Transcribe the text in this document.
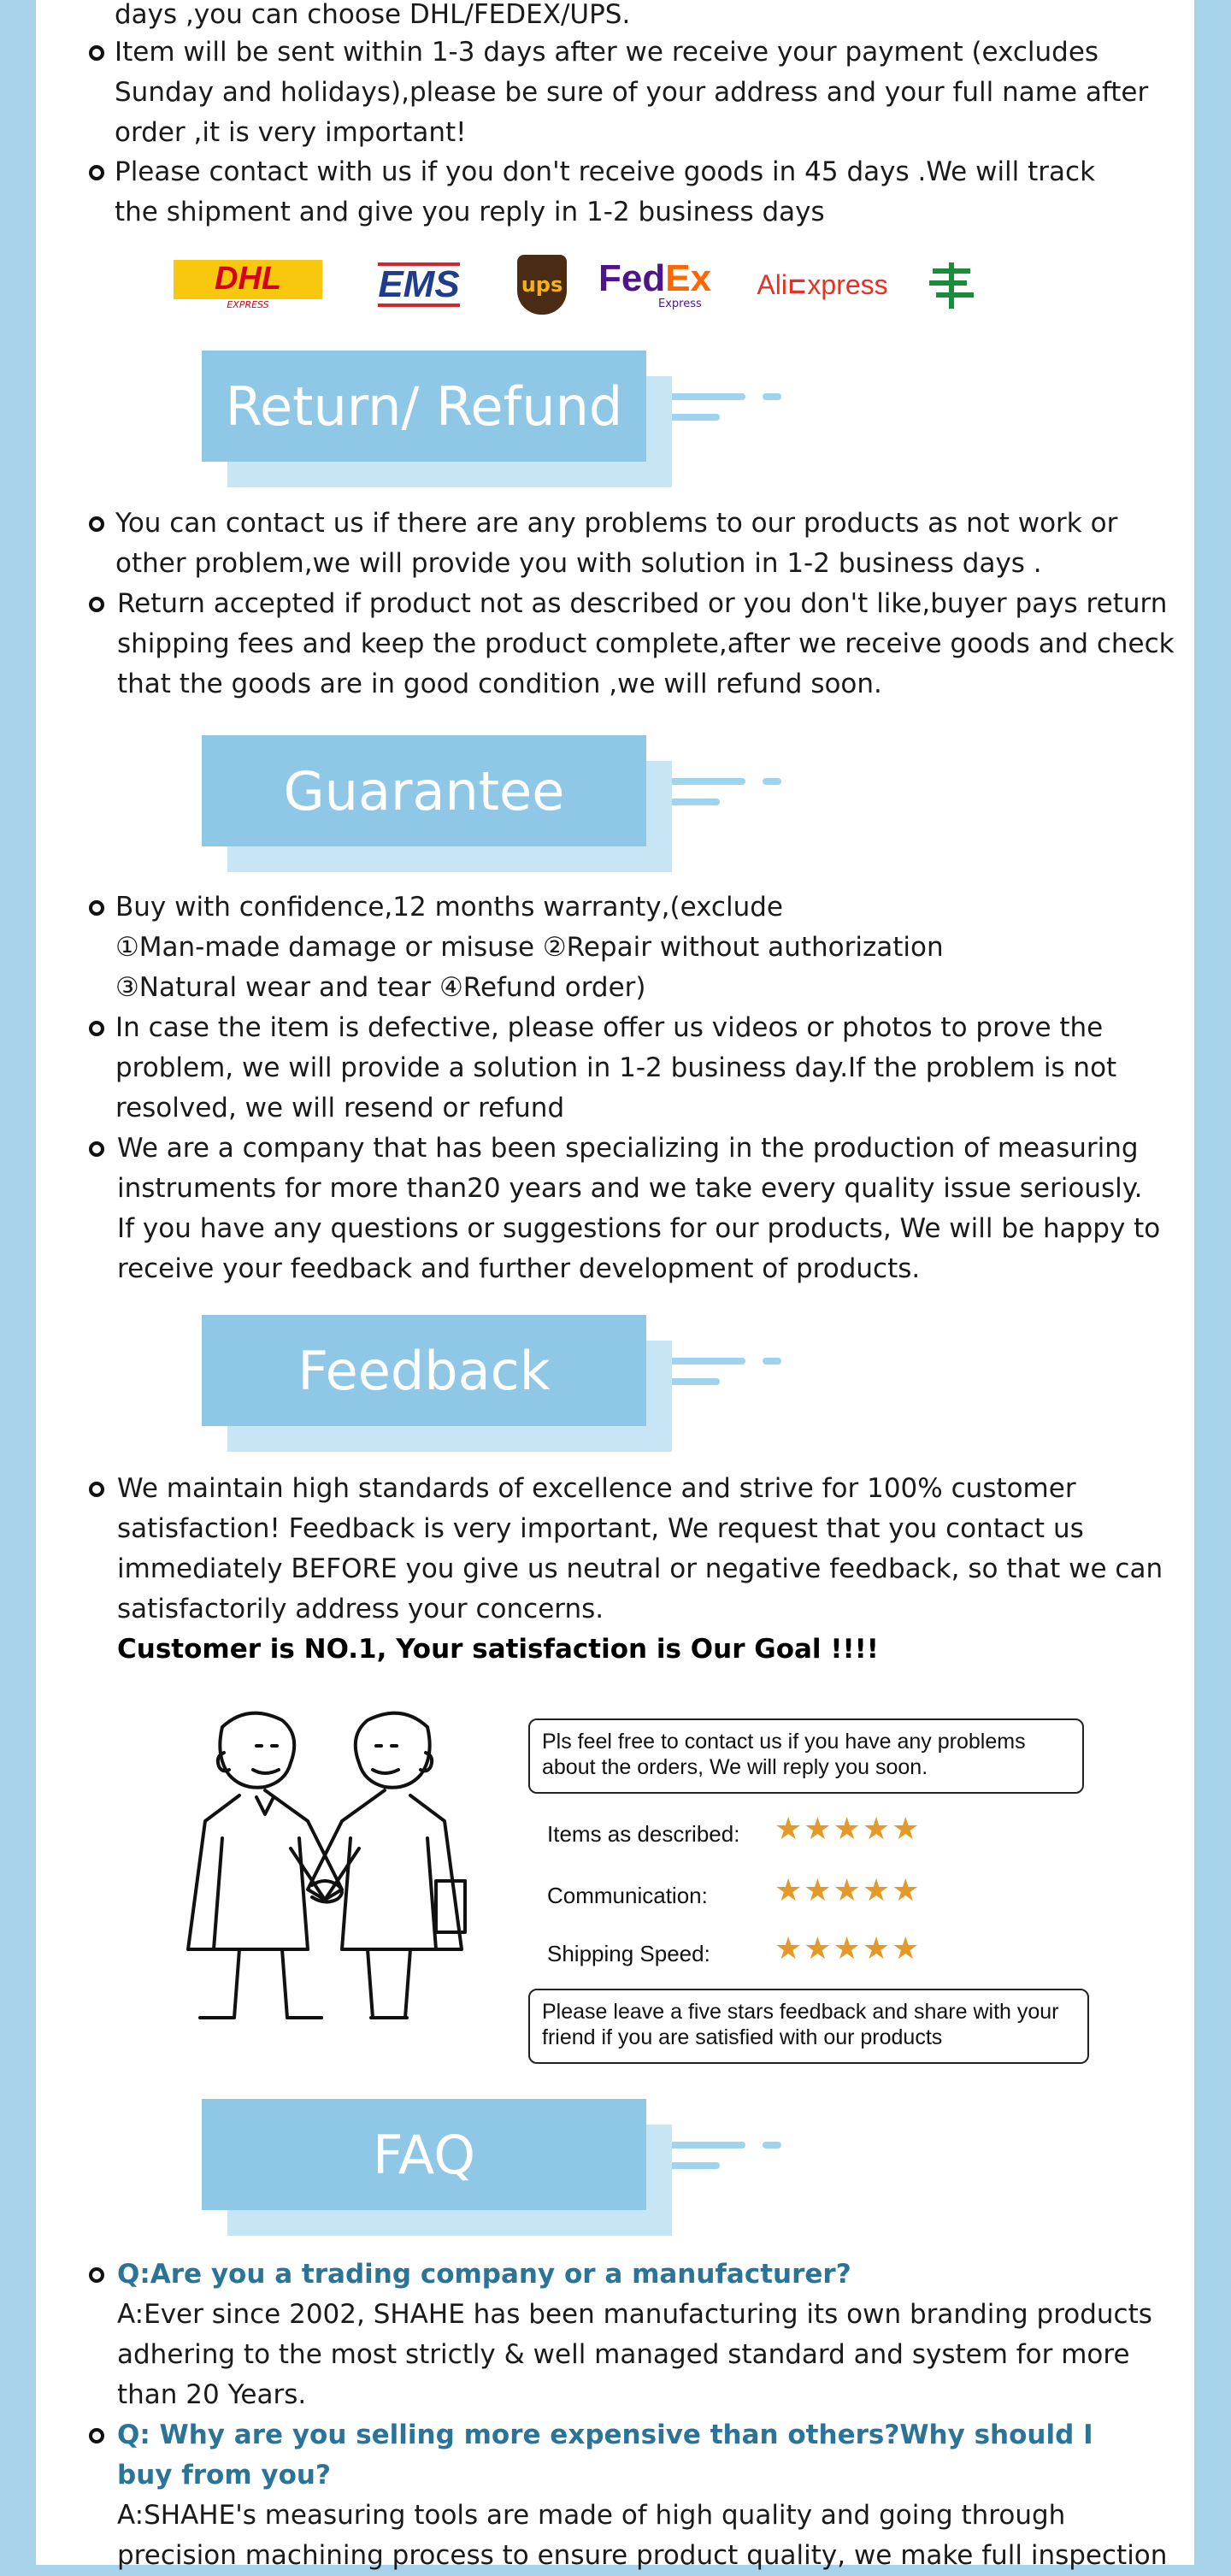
days ,you can choose DHL/FEDEX/UPS.
Item will be sent within 1-3 days after we receive your payment (excludes
Sunday and holidays),please be sure of your address and your full name after
order ,it is very important!
Please contact with us if you don't receive goods in 45 days .We will track
the shipment and give you reply in 1-2 business days
DHL
EXPRESS	EMS	ups FedEx
Express
Ali ⊏ xpress
Return/ Refund
You can contact us if there are any problems to our products as not work or
other problem,we will provide you with solution in 1-2 business days .
Return accepted if product not as described or you don't like,buyer pays return
shipping fees and keep the product complete,after we receive goods and check
that the goods are in good condition ,we will refund soon.
Guarantee
Buy with confidence,12 months warranty,(exclude
①Man-made damage or misuse ②Repair without authorization
③Natural wear and tear ④Refund order)
In case the item is defective, please offer us videos or photos to prove the
problem, we will provide a solution in 1-2 business day.If the problem is not
resolved, we will resend or refund
We are a company that has been specializing in the production of measuring
instruments for more than20 years and we take every quality issue seriously.
If you have any questions or suggestions for our products, We will be happy to
receive your feedback and further development of products.
Feedback
We maintain high standards of excellence and strive for 100% customer
satisfaction! Feedback is very important, We request that you contact us
immediately BEFORE you give us neutral or negative feedback, so that we can
satisfactorily address your concerns.
Customer is NO.1, Your satisfaction is Our Goal !!!!
Pls feel free to contact us if you have any problems
about the orders, We will reply you soon.
Items as described: ★★★★★
Communication: ★★★★★
Shipping Speed: ★★★★★
Please leave a five stars feedback and share with your
friend if you are satisfied with our products
FAQ
Q:Are you a trading company or a manufacturer?
A:Ever since 2002, SHAHE has been manufacturing its own branding products
adhering to the most strictly & well managed standard and system for more
than 20 Years.
Q: Why are you selling more expensive than others?Why should I
buy from you?
A:SHAHE's measuring tools are made of high quality and going through
precision machining process to ensure product quality, we make full inspection
